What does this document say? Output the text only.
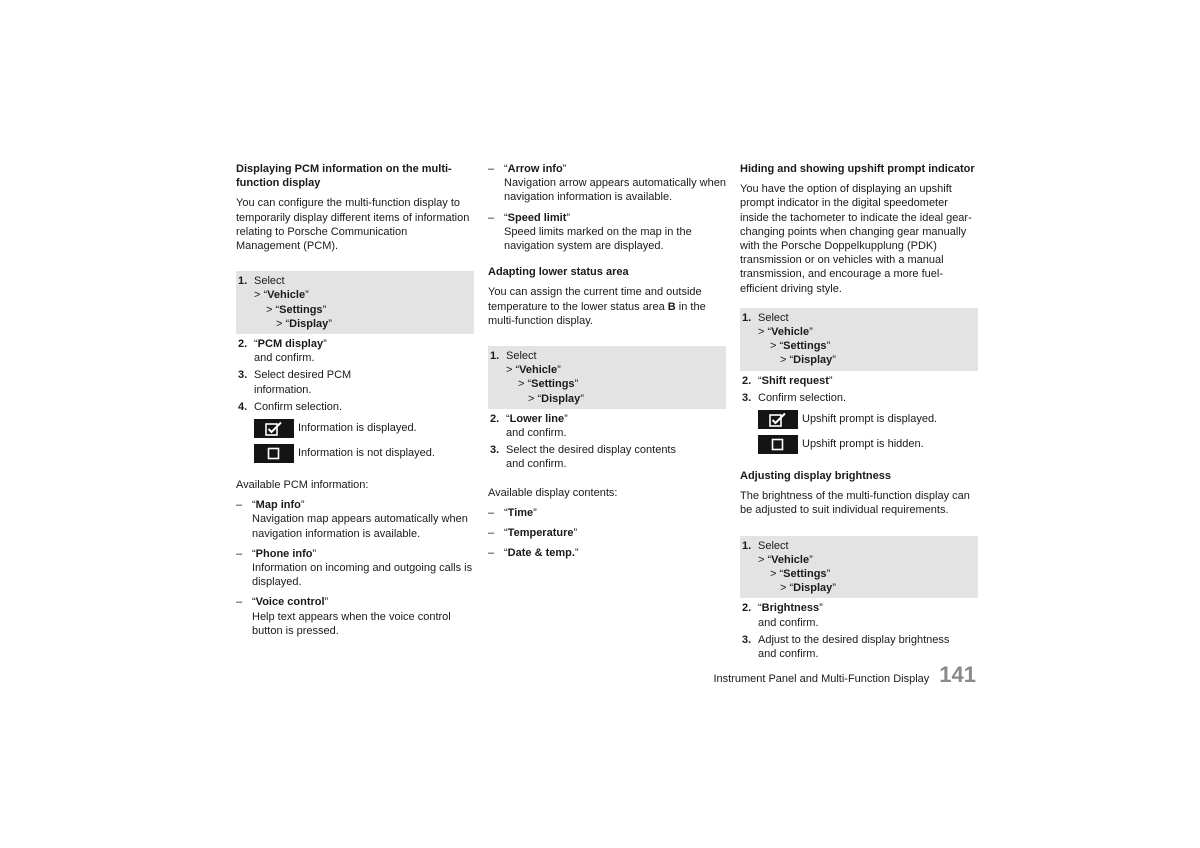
Displaying PCM information on the multi-function display

You can configure the multi-function display to temporarily display different items of information relating to Porsche Communication Management (PCM).

1. Select
> “Vehicle”
> “Settings”
> “Display”
2. “PCM display”
and confirm.
3. Select desired PCM information.
4. Confirm selection.
Information is displayed.
Information is not displayed.

Available PCM information:

– “Map info”
Navigation map appears automatically when navigation information is available.
– “Phone info”
Information on incoming and outgoing calls is displayed.
– “Voice control”
Help text appears when the voice control button is pressed.
– “Arrow info”
Navigation arrow appears automatically when navigation information is available.
– “Speed limit”
Speed limits marked on the map in the navigation system are displayed.
Adapting lower status area

You can assign the current time and outside temperature to the lower status area B in the multi-function display.

1. Select
> “Vehicle”
> “Settings”
> “Display”
2. “Lower line”
and confirm.
3. Select the desired display contents and confirm.

Available display contents:

– “Time”
– “Temperature”
– “Date & temp.”
Hiding and showing upshift prompt indicator

You have the option of displaying an upshift prompt indicator in the digital speedometer inside the tachometer to indicate the ideal gear-changing points when changing gear manually with the Porsche Doppelkupplung (PDK) transmission or on vehicles with a manual transmission, and encourage a more fuel-efficient driving style.

1. Select
> “Vehicle”
> “Settings”
> “Display”
2. “Shift request”
3. Confirm selection.
Upshift prompt is displayed.
Upshift prompt is hidden.
Adjusting display brightness

The brightness of the multi-function display can be adjusted to suit individual requirements.

1. Select
> “Vehicle”
> “Settings”
> “Display”
2. “Brightness”
and confirm.
3. Adjust to the desired display brightness and confirm.
Instrument Panel and Multi-Function Display 141
